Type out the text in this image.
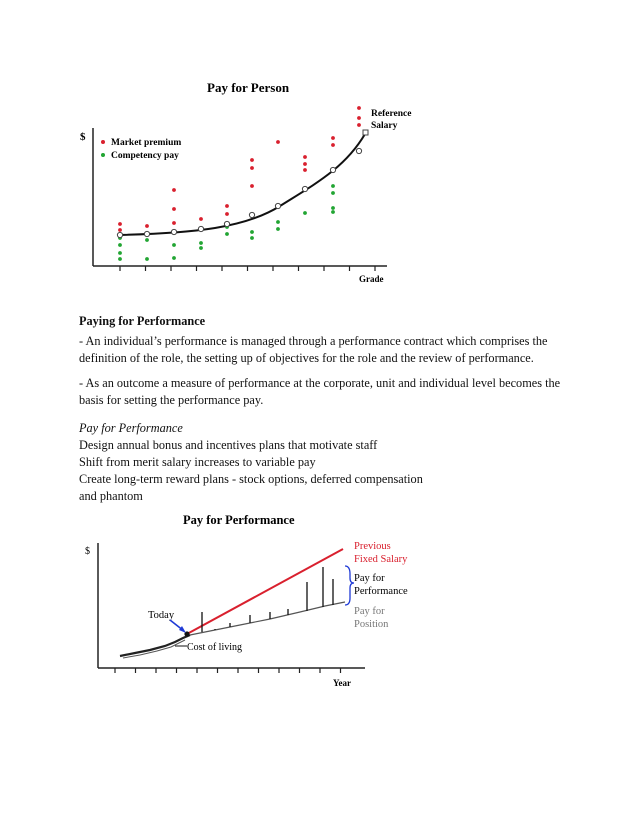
Pay for Person
$
Grade
Market premium
Competency pay
Reference
Salary
Paying for Performance
- An individual’s performance is managed through a performance contract which comprises the definition of the role, the setting up of objectives for the role and the review of performance.
- As an outcome a measure of performance at the corporate, unit and individual level becomes the basis for setting the performance pay.
Pay for Performance
Design annual bonus and incentives plans that motivate staff
Shift from merit salary increases to variable pay
Create long-term reward plans - stock options, deferred compensation
and phantom
Pay for Performance
$
Year
Today
Cost of living
Previous
Fixed Salary
Pay for
Performance
Pay for
Position
